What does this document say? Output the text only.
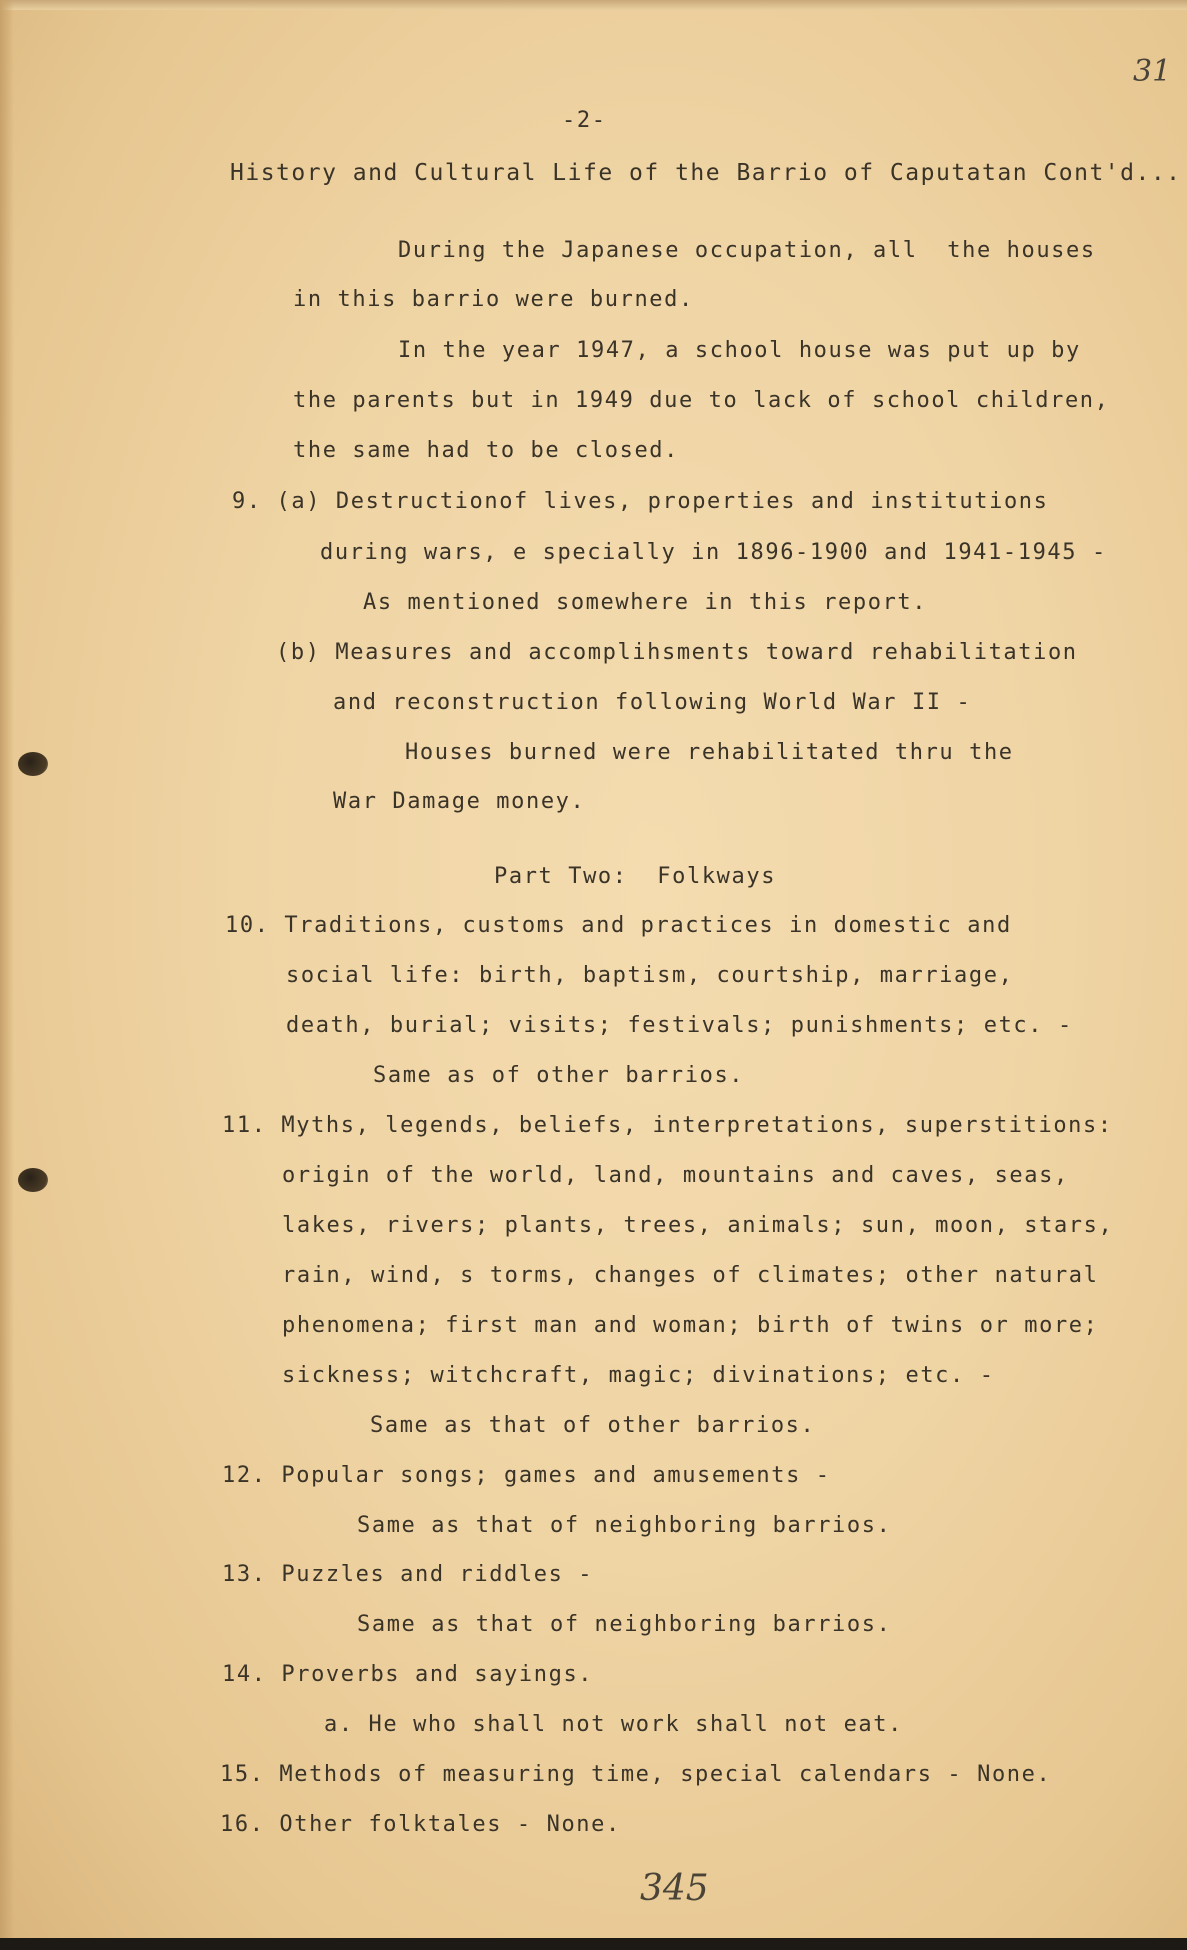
31
-2-
History and Cultural Life of the Barrio of Caputatan Cont'd...
During the Japanese occupation, all  the houses
in this barrio were burned.
In the year 1947, a school house was put up by
the parents but in 1949 due to lack of school children,
the same had to be closed.
9. (a) Destructionof lives, properties and institutions
during wars, e specially in 1896-1900 and 1941-1945 -
As mentioned somewhere in this report.
(b) Measures and accomplihsments toward rehabilitation
and reconstruction following World War II -
Houses burned were rehabilitated thru the
War Damage money.
Part Two:  Folkways
10. Traditions, customs and practices in domestic and
social life: birth, baptism, courtship, marriage,
death, burial; visits; festivals; punishments; etc. -
Same as of other barrios.
11. Myths, legends, beliefs, interpretations, superstitions:
origin of the world, land, mountains and caves, seas,
lakes, rivers; plants, trees, animals; sun, moon, stars,
rain, wind, s torms, changes of climates; other natural
phenomena; first man and woman; birth of twins or more;
sickness; witchcraft, magic; divinations; etc. -
Same as that of other barrios.
12. Popular songs; games and amusements -
Same as that of neighboring barrios.
13. Puzzles and riddles -
Same as that of neighboring barrios.
14. Proverbs and sayings.
a. He who shall not work shall not eat.
15. Methods of measuring time, special calendars - None.
16. Other folktales - None.
345
